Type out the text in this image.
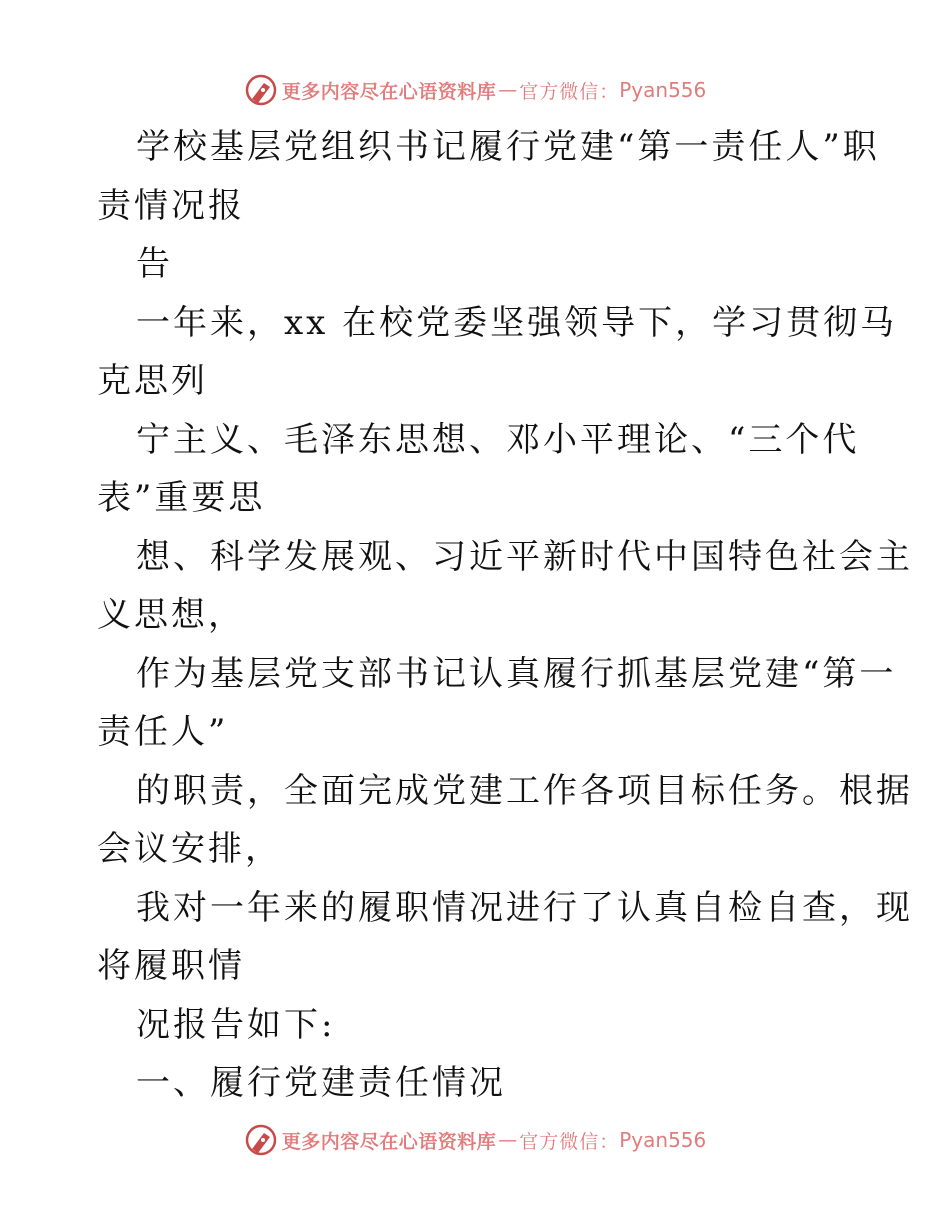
更多内容尽在心语资料库 — 官方微信： Pyan556
学校基层党组织书记履行党建“第一责任人”职
责情况报
告
一年来，xx 在校党委坚强领导下，学习贯彻马
克思列
宁主义、毛泽东思想、邓小平理论、“三个代
表”重要思
想、科学发展观、习近平新时代中国特色社会主
义思想，
作为基层党支部书记认真履行抓基层党建“第一
责任人”
的职责，全面完成党建工作各项目标任务。根据
会议安排，
我对一年来的履职情况进行了认真自检自查，现
将履职情
况报告如下:
一、履行党建责任情况
更多内容尽在心语资料库 — 官方微信： Pyan556
